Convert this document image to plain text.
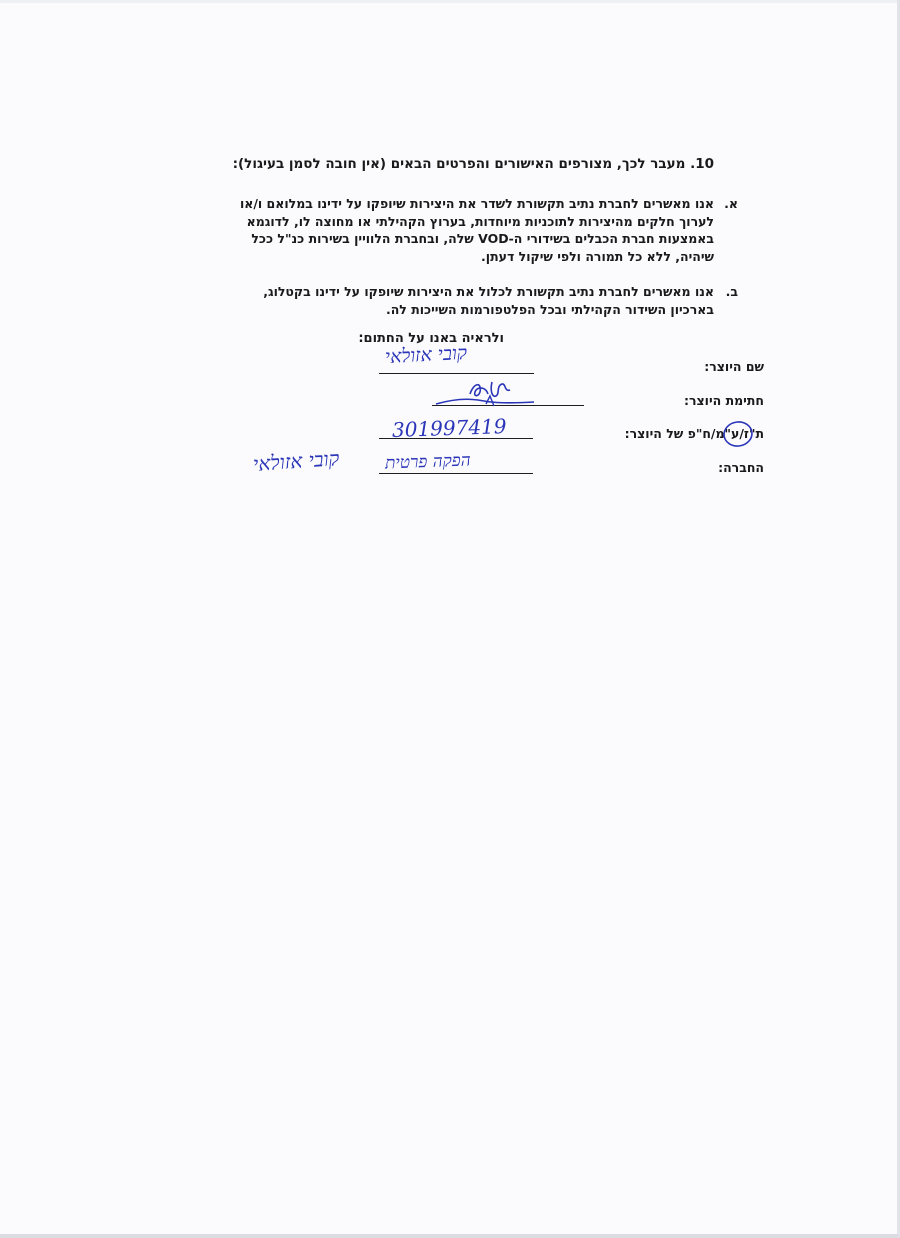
10. מעבר לכך, מצורפים האישורים והפרטים הבאים (אין חובה לסמן בעיגול):
א.
אנו מאשרים לחברת נתיב תקשורת לשדר את היצירות שיופקו על ידינו במלואם ו/או
לערוך חלקים מהיצירות לתוכניות מיוחדות, בערוץ הקהילתי או מחוצה לו, לדוגמא
באמצעות חברת הכבלים בשידורי ה-VOD שלה, ובחברת הלוויין בשירות כנ"ל ככל
שיהיה, ללא כל תמורה ולפי שיקול דעתן.
ב.
אנו מאשרים לחברת נתיב תקשורת לכלול את היצירות שיופקו על ידינו בקטלוג,
בארכיון השידור הקהילתי ובכל הפלטפורמות השייכות לה.
ולראיה באנו על החתום:
שם היוצר:
חתימת היוצר:
ת"ז/ע"מ/ח"פ של היוצר:
החברה:
קובי אזולאי
301997419
הפקה פרטית
קובי אזולאי
